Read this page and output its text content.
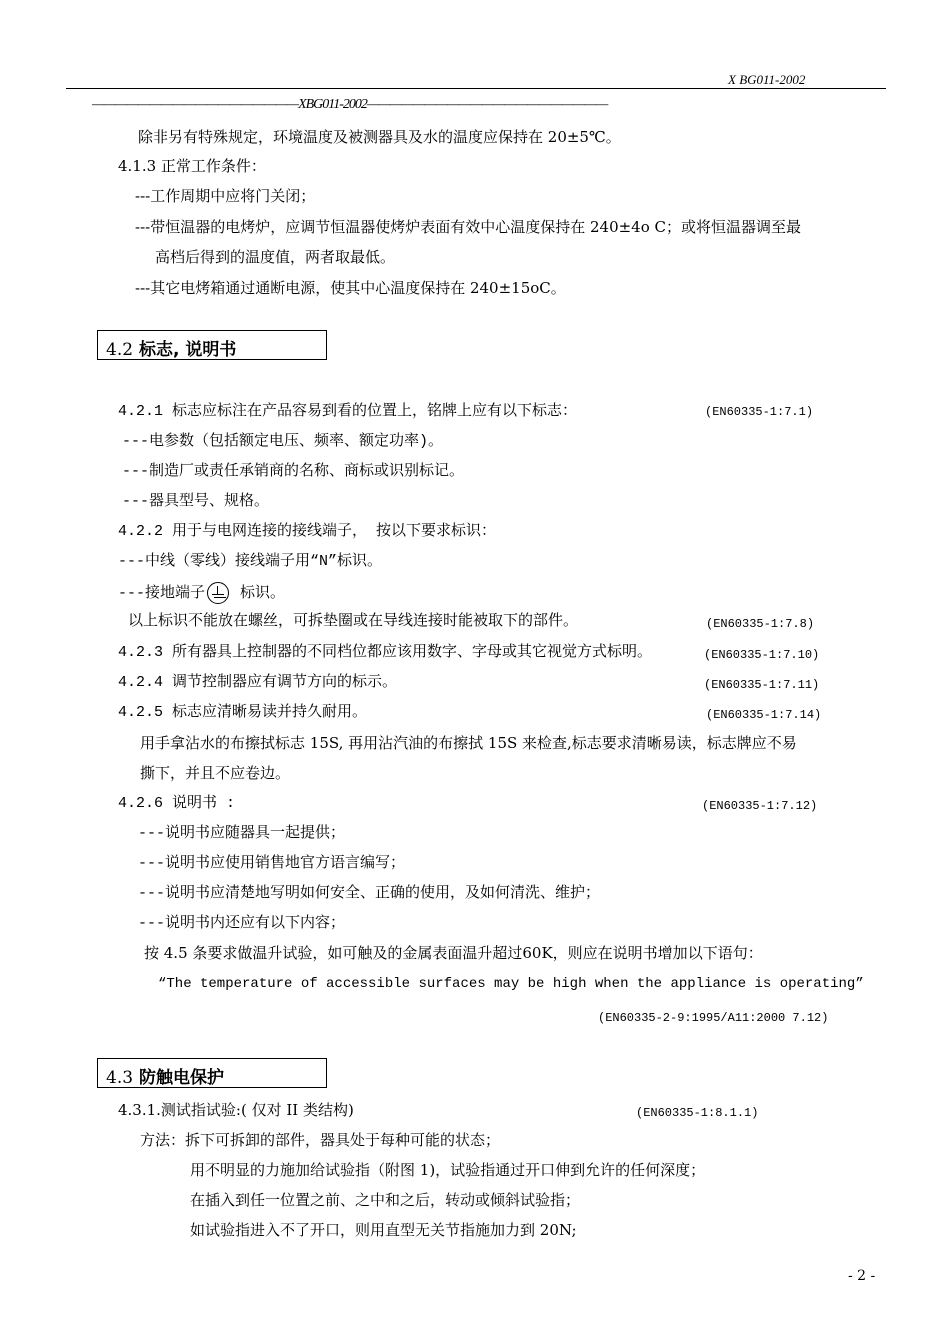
X BG011-2002
——————————————————XBG011-2002—————————————————————
除非另有特殊规定，环境温度及被测器具及水的温度应保持在 20±5℃。
4.1.3 正常工作条件：
---工作周期中应将门关闭；
---带恒温器的电烤炉，应调节恒温器使烤炉表面有效中心温度保持在 240±4o C；或将恒温器调至最
高档后得到的温度值，两者取最低。
---其它电烤箱通过通断电源，使其中心温度保持在 240±15oC。
4.2 标志, 说明书
4.2.1 标志应标注在产品容易到看的位置上，铭牌上应有以下标志：	(EN60335-1:7.1)
---电参数（包括额定电压、频率、额定功率)。
---制造厂或责任承销商的名称、商标或识别标记。
---器具型号、规格。
4.2.2 用于与电网连接的接线端子， 按以下要求标识：
---中线（零线）接线端子用“N”标识。
---接地端子 标识。
以上标识不能放在螺丝，可拆垫圈或在导线连接时能被取下的部件。	(EN60335-1:7.8)
4.2.3 所有器具上控制器的不同档位都应该用数字、字母或其它视觉方式标明。	(EN60335-1:7.10)
4.2.4 调节控制器应有调节方向的标示。	(EN60335-1:7.11)
4.2.5 标志应清晰易读并持久耐用。	(EN60335-1:7.14)
用手拿沾水的布擦拭标志 15S, 再用沾汽油的布擦拭 15S 来检查,标志要求清晰易读，标志牌应不易
撕下，并且不应卷边。
4.2.6 说明书 :	(EN60335-1:7.12)
---说明书应随器具一起提供；
---说明书应使用销售地官方语言编写；
---说明书应清楚地写明如何安全、正确的使用，及如何清洗、维护；
---说明书内还应有以下内容；
按 4.5 条要求做温升试验，如可触及的金属表面温升超过60K，则应在说明书增加以下语句：
“The temperature of accessible surfaces may be high when the appliance is operating”
(EN60335-2-9:1995/A11:2000 7.12)
4.3 防触电保护
4.3.1.测试指试验:( 仅对 II 类结构)	(EN60335-1:8.1.1)
方法：拆下可拆卸的部件，器具处于每种可能的状态；
用不明显的力施加给试验指（附图 1)，试验指通过开口伸到允许的任何深度；
在插入到任一位置之前、之中和之后，转动或倾斜试验指；
如试验指进入不了开口，则用直型无关节指施加力到 20N;
- 2 -
